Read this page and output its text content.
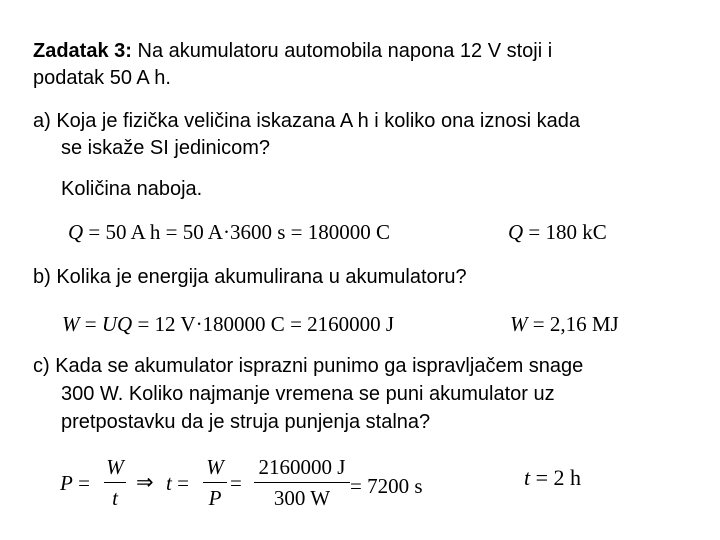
Zadatak 3: Na akumulatoru automobila napona 12 V stoji i
podatak 50 A h.
a) Koja je fizička veličina iskazana A h i koliko ona iznosi kada
se iskaže SI jedinicom?
Količina naboja.
Q = 50 A h = 50 A·3600 s = 180000 C	Q = 180 kC
b) Kolika je energija akumulirana u akumulatoru?
W = UQ = 12 V·180000 C = 2160000 J	W = 2,16 MJ
c) Kada se akumulator isprazni punimo ga ispravljačem snage
300 W. Koliko najmanje vremena se puni akumulator uz
pretpostavku da je struja punjenja stalna?
P =
W
t
⇒ t =
W
P
=
2160000 J
300 W = 7200 s	t = 2 h
